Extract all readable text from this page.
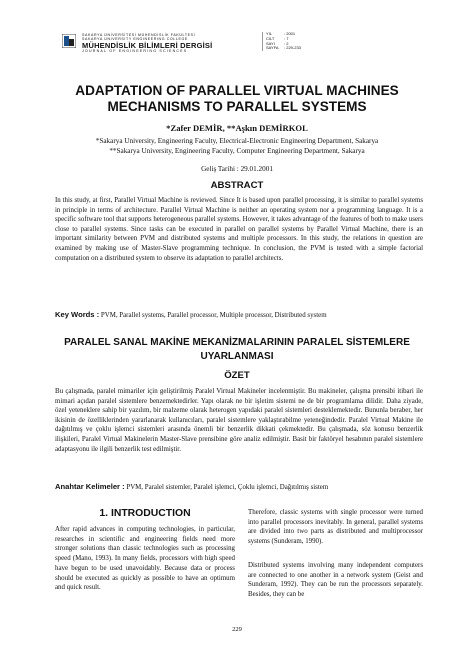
SAKARYA ÜNİVERSİTESİ MÜHENDİSLİK FAKÜLTESİ
SAKARYA UNIVERSITY ENGINEERING COLLEGE
MÜHENDİSLİK BİLİMLERİ DERGİSİ
JOURNAL OF ENGINEERING SCIENCES
YIL	: 2001
CİLT	: 7
SAYI	: 2
SAYFA	: 229-233
ADAPTATION OF PARALLEL VIRTUAL MACHINES
MECHANISMS TO PARALLEL SYSTEMS
*Zafer DEMİR, **Aşkın DEMİRKOL
*Sakarya University, Engineering Faculty, Electrical-Electronic Engineering Department, Sakarya
**Sakarya University, Engineering Faculty, Computer Engineering Department, Sakarya
Geliş Tarihi : 29.01.2001
ABSTRACT

In this study, at first, Parallel Virtual Machine is reviewed. Since It is based upon parallel processing, it is similar to parallel systems in principle in terms of architecture. Parallel Virtual Machine is neither an operating system nor a programming language. It is a specific software tool that supports heterogeneous parallel systems. However, it takes advantage of the features of both to make users close to parallel systems. Since tasks can be executed in parallel on parallel systems by Parallel Virtual Machine, there is an important similarity between PVM and distributed systems and multiple processors. In this study, the relations in question are examined by making use of Master-Slave programming technique. In conclusion, the PVM is tested with a simple factorial computation on a distributed system to observe its adaptation to parallel architects.

Key Words : PVM, Parallel systems, Parallel processor, Multiple processor, Distributed system
PARALEL SANAL MAKİNE MEKANİZMALARININ PARALEL SİSTEMLERE
UYARLANMASI
ÖZET

Bu çalışmada, paralel mimariler için geliştirilmiş Paralel Virtual Makineler incelenmiştir. Bu makineler, çalışma prensibi itibari ile mimari açıdan paralel sistemlere benzemektedirler. Yapı olarak ne bir işletim sistemi ne de bir programlama dilidir. Daha ziyade, özel yeteneklere sahip bir yazılım, bir malzeme olarak heterogen yapıdaki paralel sistemleri desteklemektedir. Bununla beraber, her ikisinin de özelliklerinden yararlanarak kullanıcıları, paralel sistemlere yaklaştırabilme yeteneğindedir. Paralel Virtual Makine ile dağıtılmış ve çoklu işlemci sistemleri arasında önemli bir benzerlik dikkati çekmektedir. Bu çalışmada, söz konusu benzerlik ilişkileri, Paralel Virtual Makinelerin Master-Slave prensibine göre analiz edilmiştir. Basit bir faktöryel hesabının paralel sistemlere adaptasyonu ile ilgili benzerlik test edilmiştir.

Anahtar Kelimeler : PVM, Paralel sistemler, Paralel işlemci, Çoklu işlemci, Dağıtılmış sistem
1. INTRODUCTION

After rapid advances in computing technologies, in particular, researches in scientific and engineering fields need more stronger solutions than classic technologies such as processing speed (Mano, 1993). In many fields, processors with high speed have begun to be used unavoidably. Because data or process should be executed as quickly as possible to have an optimum and quick result.

Therefore, classic systems with single processor were turned into parallel processors inevitably. In general, parallel systems are divided into two parts as distributed and multiprocessor systems (Sunderam, 1990).

Distributed systems involving many independent computers are connected to one another in a network system (Geist and Sunderam, 1992). They can be run the processors separately. Besides, they can be

229
